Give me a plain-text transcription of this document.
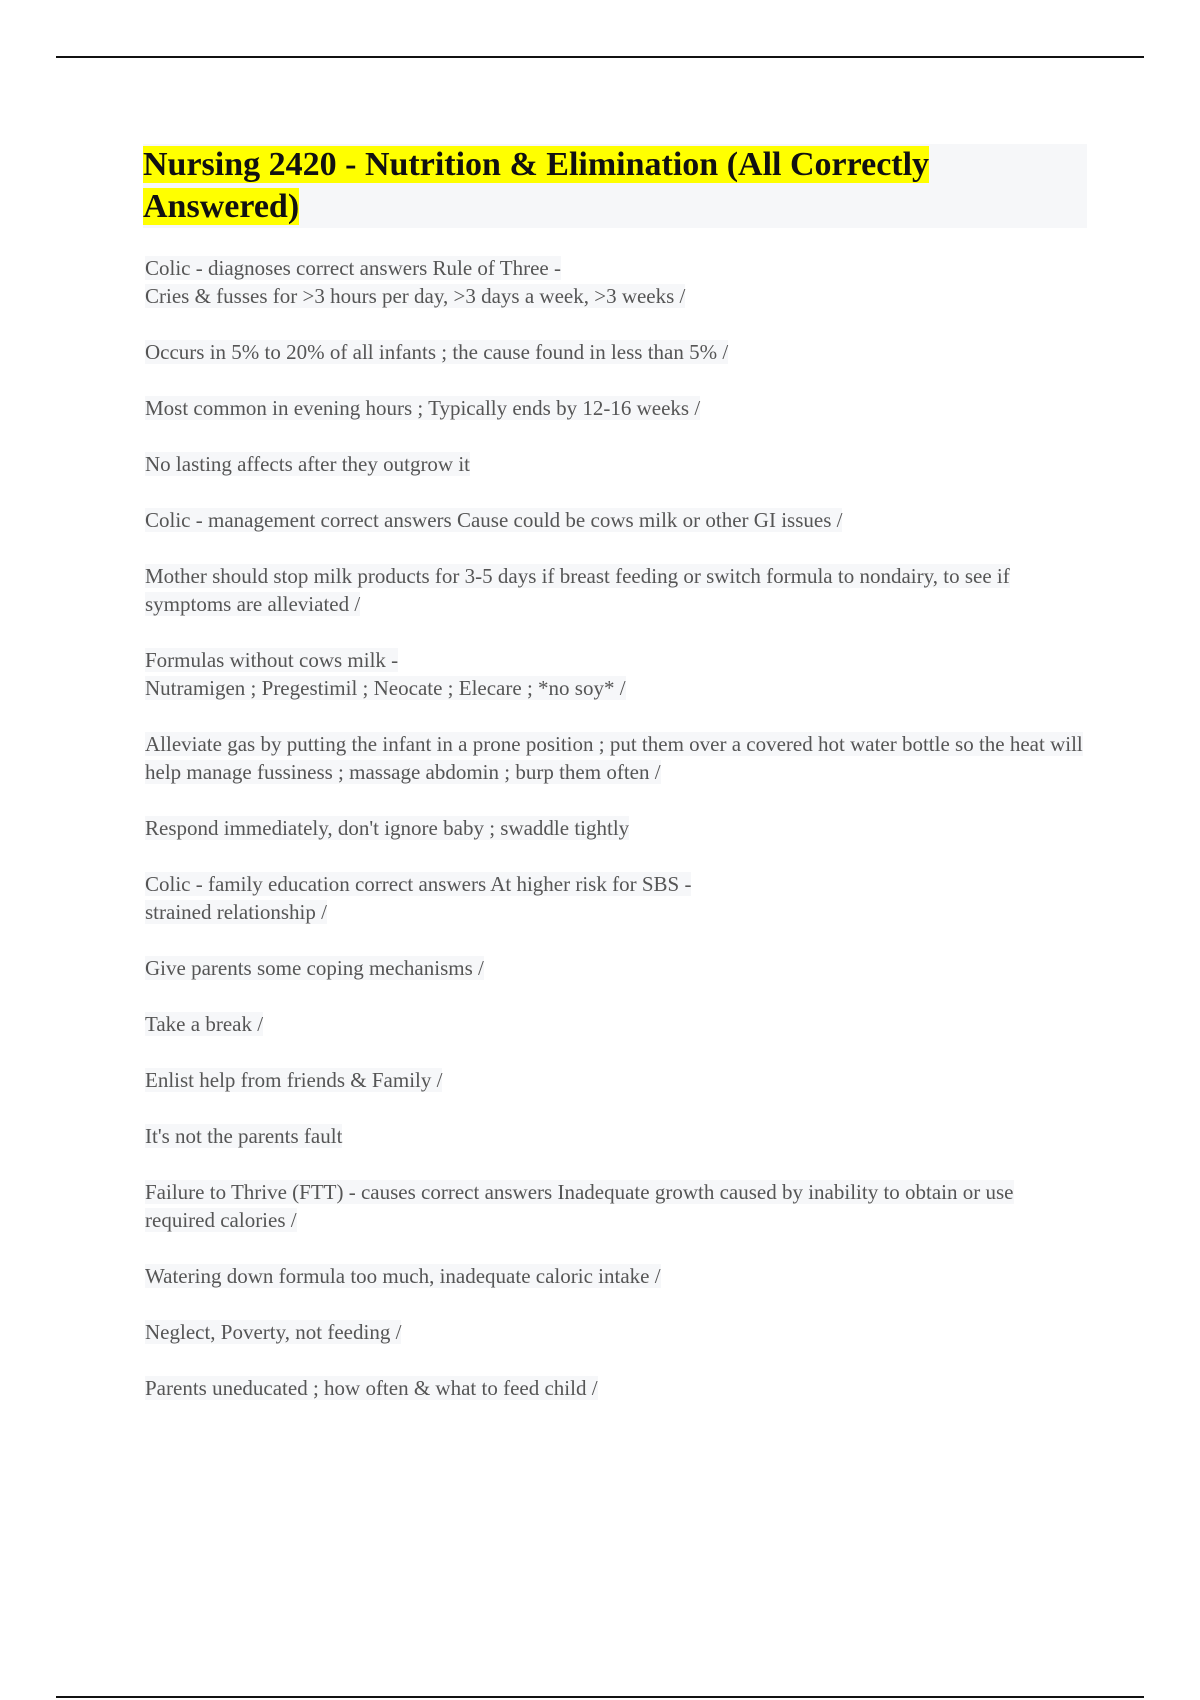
Nursing 2420 - Nutrition & Elimination (All Correctly Answered)

Colic - diagnoses correct answers Rule of Three -
Cries & fusses for >3 hours per day, >3 days a week, >3 weeks /

Occurs in 5% to 20% of all infants ; the cause found in less than 5% /

Most common in evening hours ; Typically ends by 12-16 weeks /

No lasting affects after they outgrow it

Colic - management correct answers Cause could be cows milk or other GI issues /

Mother should stop milk products for 3-5 days if breast feeding or switch formula to nondairy, to see if symptoms are alleviated /

Formulas without cows milk -
Nutramigen ; Pregestimil ; Neocate ; Elecare ; *no soy* /

Alleviate gas by putting the infant in a prone position ; put them over a covered hot water bottle so the heat will help manage fussiness ; massage abdomin ; burp them often /

Respond immediately, don't ignore baby ; swaddle tightly

Colic - family education correct answers At higher risk for SBS -
strained relationship /

Give parents some coping mechanisms /

Take a break /

Enlist help from friends & Family /

It's not the parents fault

Failure to Thrive (FTT) - causes correct answers Inadequate growth caused by inability to obtain or use required calories /

Watering down formula too much, inadequate caloric intake /

Neglect, Poverty, not feeding /

Parents uneducated ; how often & what to feed child /
